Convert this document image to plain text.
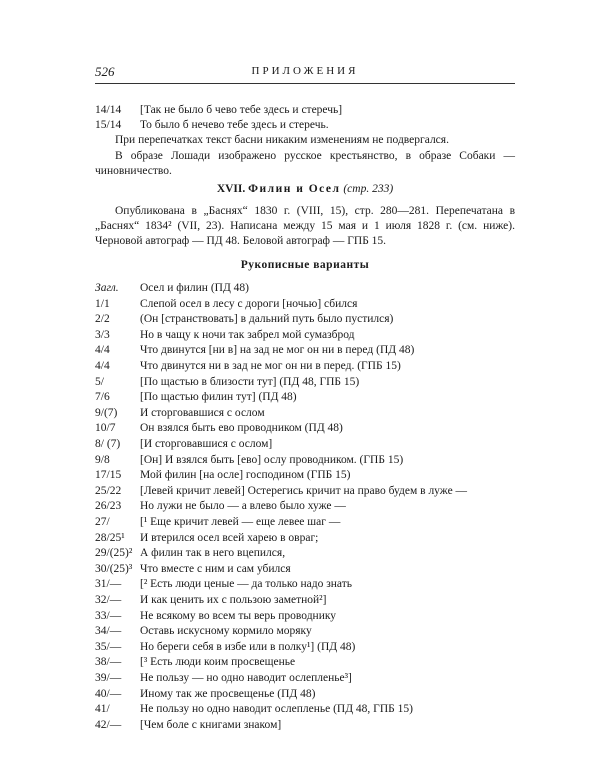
526	ПРИЛОЖЕНИЯ
14/14 [Так не было б чево тебе здесь и стеречь]
15/14 То было б нечево тебе здесь и стеречь.
При перепечатках текст басни никаким изменениям не подвергался.
В образе Лошади изображено русское крестьянство, в образе Собаки — чиновничество.
XVII. Филин и Осел (стр. 233)
Опубликована в „Баснях“ 1830 г. (VIII, 15), стр. 280—281. Перепечатана в „Баснях“ 1834² (VII, 23). Написана между 15 мая и 1 июля 1828 г. (см. ниже). Черновой автограф — ПД 48. Беловой автограф — ГПБ 15.
Рукописные варианты
Загл. Осел и филин (ПД 48)
1/1	Слепой осел в лесу с дороги [ночью] сбился
2/2	(Он [странствовать] в дальний путь было пустился)
3/3	Но в чащу к ночи так забрел мой сумазброд
4/4	Что двинутся [ни в] на зад не мог он ни в перед (ПД 48)
4/4	Что двинутся ни в зад не мог он ни в перед. (ГПБ 15)
5/	[По щастью в близости тут] (ПД 48, ГПБ 15)
7/6	[По щастью филин тут] (ПД 48)
9/(7) И сторговавшися с ослом
10/7 Он взялся быть ево проводником (ПД 48)
8/ (7) [И сторговавшися с ослом]
9/8	[Он] И взялся быть [ево] ослу проводником. (ГПБ 15)
17/15 Мой филин [на осле] господином (ГПБ 15)
25/22 [Левей кричит левей] Остерегись кричит на право будем в луже —
26/23 Но лужи не было — а влево было хуже —
27/	[¹ Еще кричит левей — еще левее шаг —
28/25¹ И втерился осел всей харею в овраг;
29/(25)² А филин так в него вцепился,
30/(25)³ Что вместе с ним и сам убился
31/— [² Есть люди ценые — да только надо знать
32/— И как ценить их с пользою заметной²]
33/— Не всякому во всем ты верь проводнику
34/— Оставь искусному кормило моряку
35/— Но береги себя в избе или в полку¹] (ПД 48)
38/— [³ Есть люди коим просвещенье
39/— Не пользу — но одно наводит ослепленье³]
40/— Иному так же просвещенье (ПД 48)
41/	Не пользу но одно наводит ослепленье (ПД 48, ГПБ 15)
42/— [Чем боле с книгами знаком]
